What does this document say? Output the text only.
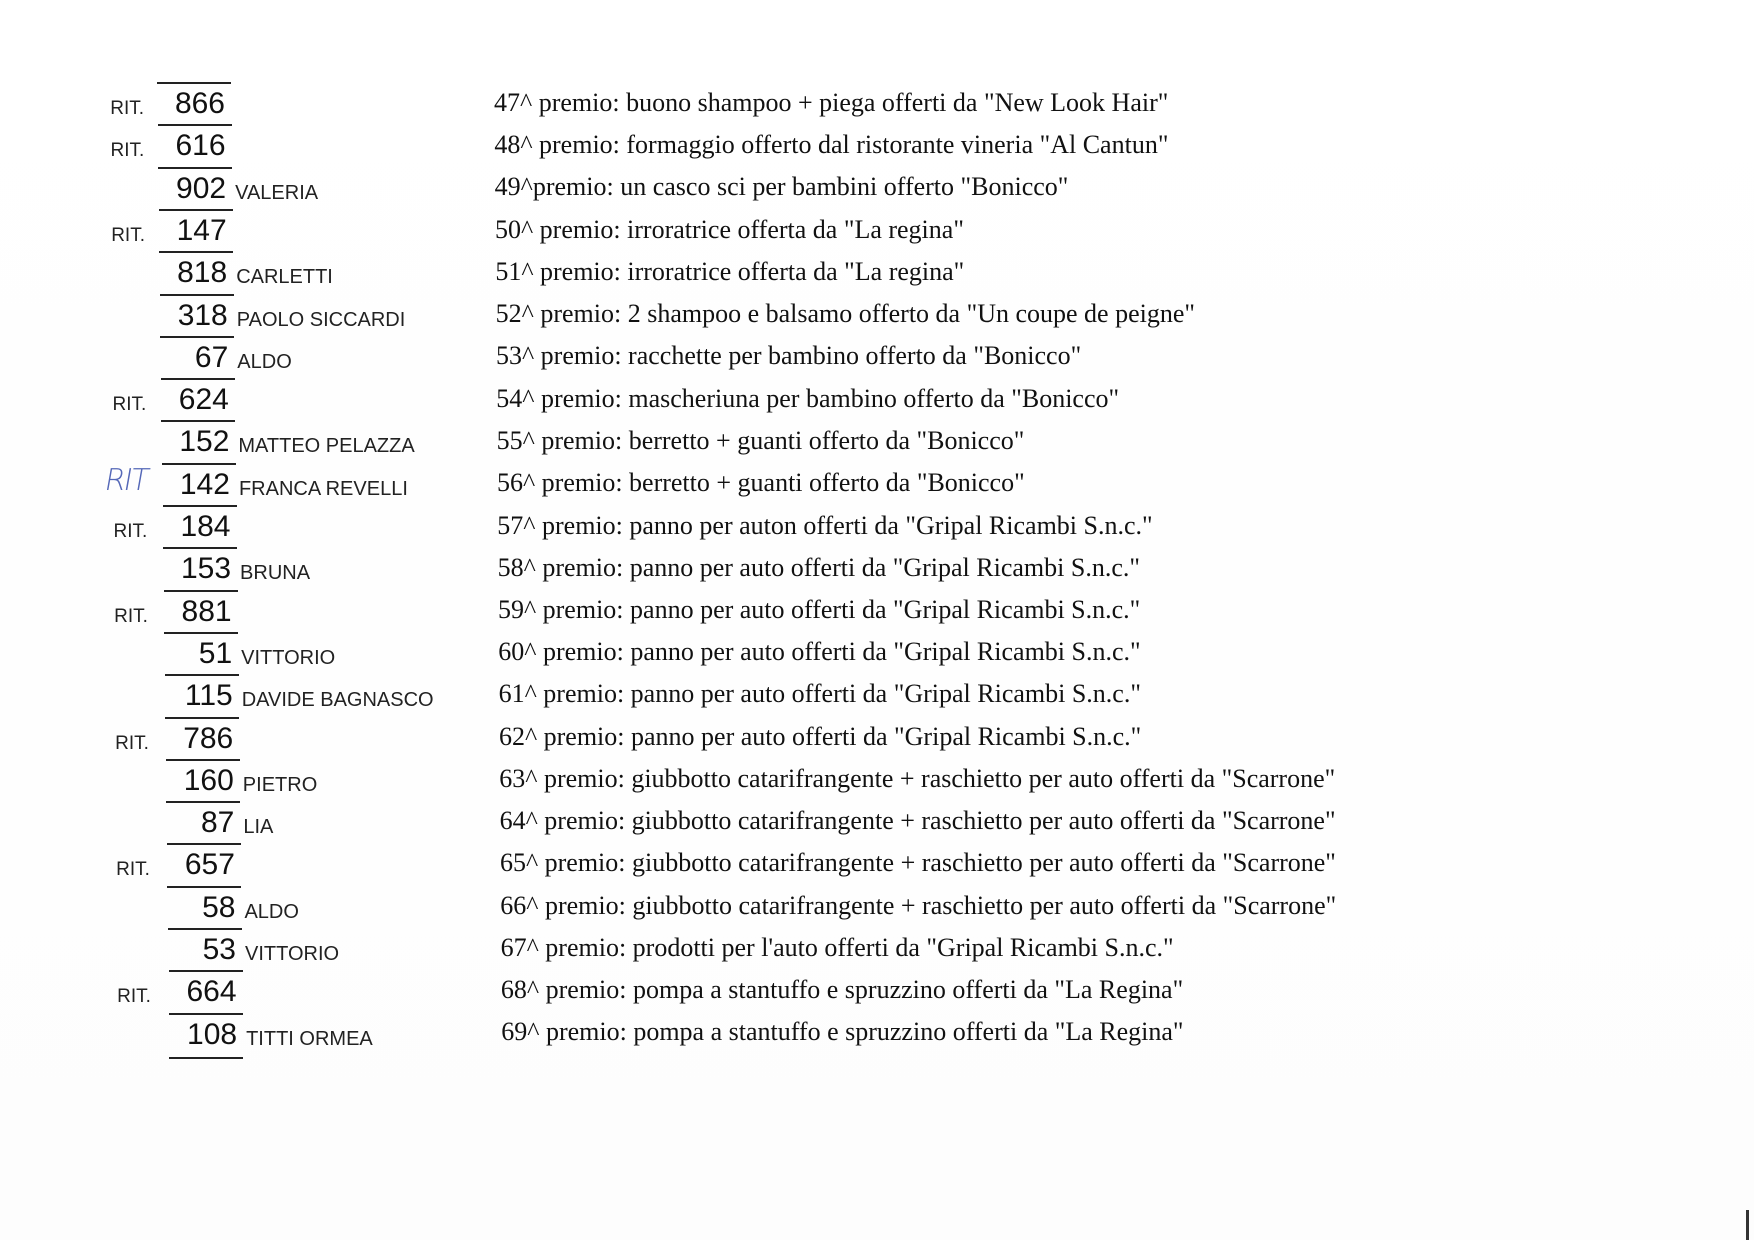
RIT. 866	47^ premio: buono shampoo + piega offerti da "New Look Hair"
RIT. 616	48^ premio: formaggio offerto dal ristorante vineria "Al Cantun"
902 VALERIA	49^premio: un casco sci per bambini offerto "Bonicco"
RIT. 147	50^ premio: irroratrice offerta da "La regina"
818 CARLETTI	51^ premio: irroratrice offerta da "La regina"
318 PAOLO SICCARDI	52^ premio: 2 shampoo e balsamo offerto da "Un coupe de peigne"
67 ALDO	53^ premio: racchette per bambino offerto da "Bonicco"
RIT. 624	54^ premio: mascheriuna per bambino offerto da "Bonicco"
152 MATTEO PELAZZA	55^ premio: berretto + guanti offerto da "Bonicco"
RIT 142 FRANCA REVELLI	56^ premio: berretto + guanti offerto da "Bonicco"
RIT. 184	57^ premio: panno per auton offerti da "Gripal Ricambi S.n.c."
153 BRUNA	58^ premio: panno per auto offerti da "Gripal Ricambi S.n.c."
RIT. 881	59^ premio: panno per auto offerti da "Gripal Ricambi S.n.c."
51 VITTORIO	60^ premio: panno per auto offerti da "Gripal Ricambi S.n.c."
115 DAVIDE BAGNASCO	61^ premio: panno per auto offerti da "Gripal Ricambi S.n.c."
RIT. 786	62^ premio: panno per auto offerti da "Gripal Ricambi S.n.c."
160 PIETRO	63^ premio: giubbotto catarifrangente + raschietto per auto offerti da "Scarrone"
87 LIA	64^ premio: giubbotto catarifrangente + raschietto per auto offerti da "Scarrone"
RIT. 657	65^ premio: giubbotto catarifrangente + raschietto per auto offerti da "Scarrone"
58 ALDO	66^ premio: giubbotto catarifrangente + raschietto per auto offerti da "Scarrone"
53 VITTORIO	67^ premio: prodotti per l'auto offerti da "Gripal Ricambi S.n.c."
RIT. 664	68^ premio: pompa a stantuffo e spruzzino offerti da "La Regina"
108 TITTI ORMEA	69^ premio: pompa a stantuffo e spruzzino offerti da "La Regina"
